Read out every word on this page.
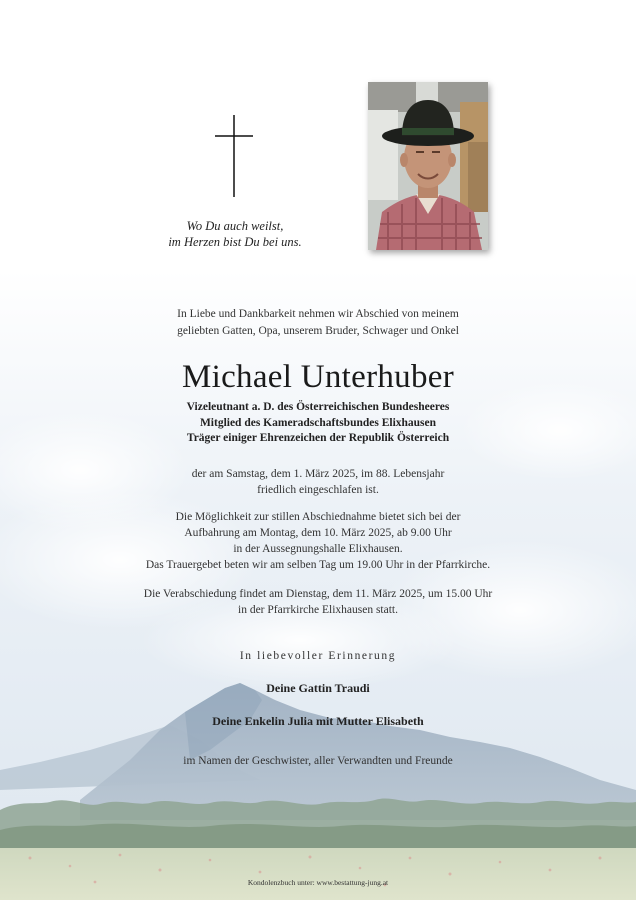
Wo Du auch weilst,
im Herzen bist Du bei uns.
In Liebe und Dankbarkeit nehmen wir Abschied von meinem
geliebten Gatten, Opa, unserem Bruder, Schwager und Onkel
Michael Unterhuber
Vizeleutnant a. D. des Österreichischen Bundesheeres
Mitglied des Kameradschaftsbundes Elixhausen
Träger einiger Ehrenzeichen der Republik Österreich
der am Samstag, dem 1. März 2025, im 88. Lebensjahr
friedlich eingeschlafen ist.
Die Möglichkeit zur stillen Abschiednahme bietet sich bei der
Aufbahrung am Montag, dem 10. März 2025, ab 9.00 Uhr
in der Aussegnungshalle Elixhausen.
Das Trauergebet beten wir am selben Tag um 19.00 Uhr in der Pfarrkirche.
Die Verabschiedung findet am Dienstag, dem 11. März 2025, um 15.00 Uhr
in der Pfarrkirche Elixhausen statt.
In liebevoller Erinnerung
Deine Gattin Traudi
Deine Enkelin Julia mit Mutter Elisabeth
im Namen der Geschwister, aller Verwandten und Freunde
Kondolenzbuch unter: www.bestattung-jung.at
